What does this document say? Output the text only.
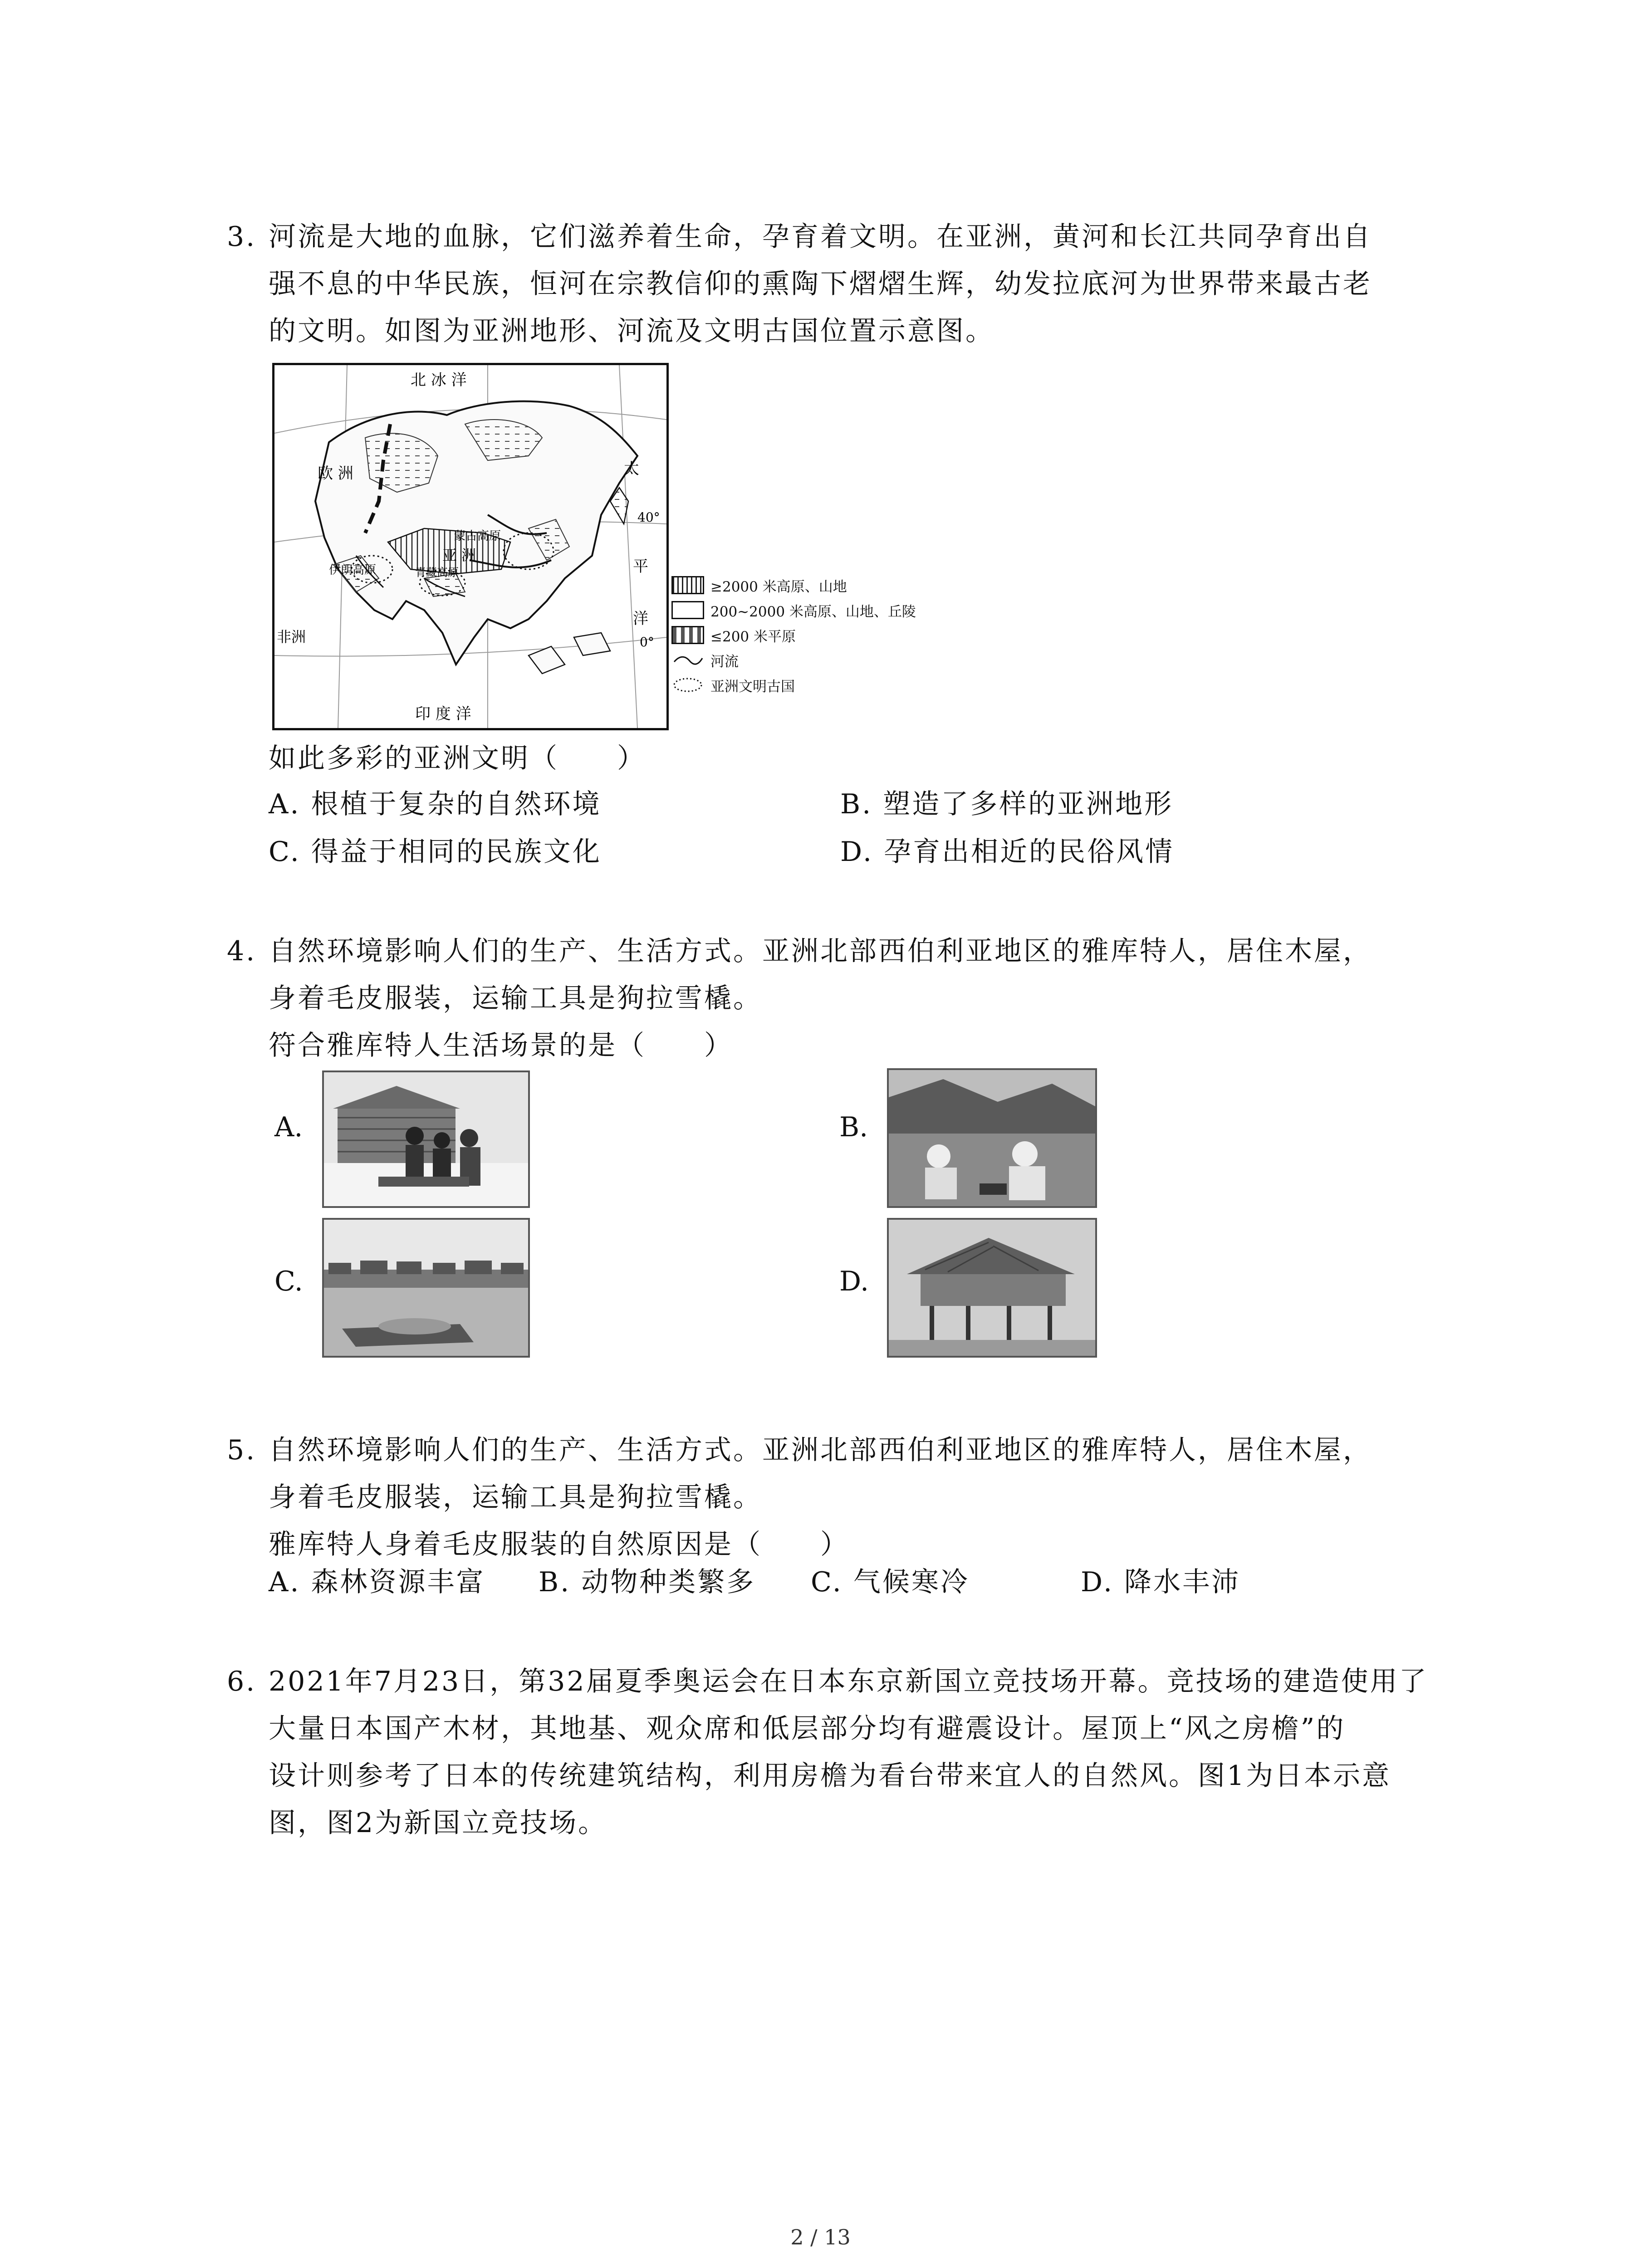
3. 河流是大地的血脉，它们滋养着生命，孕育着文明。在亚洲，黄河和长江共同孕育出自
强不息的中华民族，恒河在宗教信仰的熏陶下熠熠生辉，幼发拉底河为世界带来最古老
的文明。如图为亚洲地形、河流及文明古国位置示意图。
北 冰 洋
欧 洲	太
平
洋
40°
0°
蒙古高原
亚 洲
伊朗高原	青藏高原
非洲
印 度 洋
≥2000 米高原、山地
200~2000 米高原、山地、丘陵
≤200 米平原
河流
亚洲文明古国
如此多彩的亚洲文明（　　）
A. 根植于复杂的自然环境	B. 塑造了多样的亚洲地形
C. 得益于相同的民族文化	D. 孕育出相近的民俗风情
4. 自然环境影响人们的生产、生活方式。亚洲北部西伯利亚地区的雅库特人，居住木屋，
身着毛皮服装，运输工具是狗拉雪橇。
符合雅库特人生活场景的是（　　）
A.	B.
C.	D.
5. 自然环境影响人们的生产、生活方式。亚洲北部西伯利亚地区的雅库特人，居住木屋，
身着毛皮服装，运输工具是狗拉雪橇。
雅库特人身着毛皮服装的自然原因是（　　）
A. 森林资源丰富 B. 动物种类繁多 C. 气候寒冷	D. 降水丰沛
6. 2021年7月23日，第32届夏季奥运会在日本东京新国立竞技场开幕。竞技场的建造使用了
大量日本国产木材，其地基、观众席和低层部分均有避震设计。屋顶上“风之房檐”的
设计则参考了日本的传统建筑结构，利用房檐为看台带来宜人的自然风。图1为日本示意
图，图2为新国立竞技场。
2 / 13
